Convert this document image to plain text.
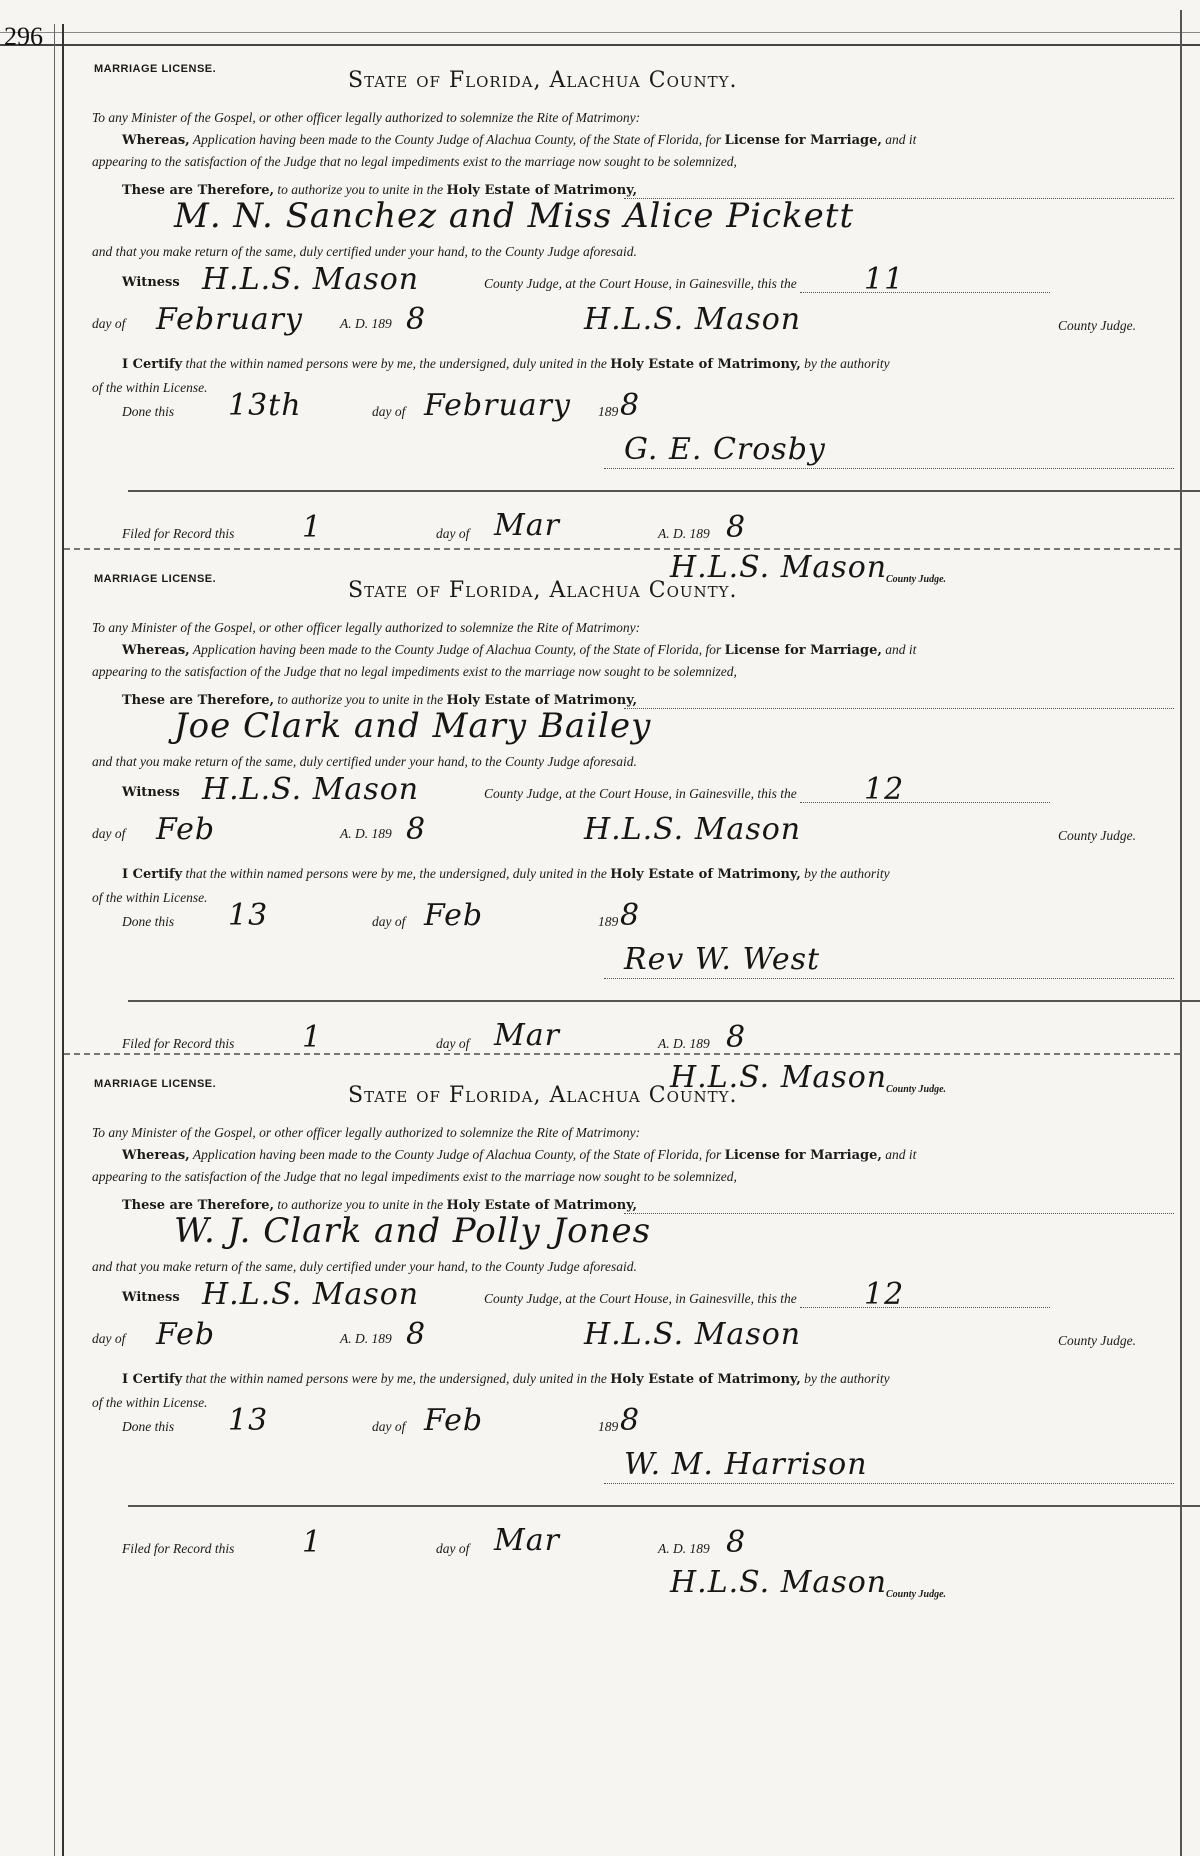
296
MARRIAGE LICENSE.	State of Florida, Alachua County.
To any Minister of the Gospel, or other officer legally authorized to solemnize the Rite of Matrimony:
Whereas, Application having been made to the County Judge of Alachua County, of the State of Florida, for License for Marriage, and it
appearing to the satisfaction of the Judge that no legal impediments exist to the marriage now sought to be solemnized,
These are Therefore, to authorize you to unite in the Holy Estate of Matrimony,
M. N. Sanchez and Miss Alice Pickett
and that you make return of the same, duly certified under your hand, to the County Judge aforesaid.
Witness H.L.S. Mason	County Judge, at the Court House, in Gainesville, this the 11
day of February	A. D. 189 8	H.L.S. Mason	County Judge.
I Certify that the within named persons were by me, the undersigned, duly united in the Holy Estate of Matrimony, by the authority
of the within License.
Done this 13th	day of February 189 8
G. E. Crosby
Filed for Record this 1	day of Mar	A. D. 189 8
H.L.S. Mason
County Judge.
MARRIAGE LICENSE.	State of Florida, Alachua County.
To any Minister of the Gospel, or other officer legally authorized to solemnize the Rite of Matrimony:
Whereas, Application having been made to the County Judge of Alachua County, of the State of Florida, for License for Marriage, and it
appearing to the satisfaction of the Judge that no legal impediments exist to the marriage now sought to be solemnized,
These are Therefore, to authorize you to unite in the Holy Estate of Matrimony,
Joe Clark and Mary Bailey
and that you make return of the same, duly certified under your hand, to the County Judge aforesaid.
Witness H.L.S. Mason	County Judge, at the Court House, in Gainesville, this the 12
day of Feb	A. D. 189 8	H.L.S. Mason	County Judge.
I Certify that the within named persons were by me, the undersigned, duly united in the Holy Estate of Matrimony, by the authority
of the within License.
Done this 13	day of Feb	189 8
Rev W. West
Filed for Record this 1	day of Mar	A. D. 189 8
H.L.S. Mason
County Judge.
MARRIAGE LICENSE.	State of Florida, Alachua County.
To any Minister of the Gospel, or other officer legally authorized to solemnize the Rite of Matrimony:
Whereas, Application having been made to the County Judge of Alachua County, of the State of Florida, for License for Marriage, and it
appearing to the satisfaction of the Judge that no legal impediments exist to the marriage now sought to be solemnized,
These are Therefore, to authorize you to unite in the Holy Estate of Matrimony,
W. J. Clark and Polly Jones
and that you make return of the same, duly certified under your hand, to the County Judge aforesaid.
Witness H.L.S. Mason	County Judge, at the Court House, in Gainesville, this the 12
day of Feb	A. D. 189 8	H.L.S. Mason	County Judge.
I Certify that the within named persons were by me, the undersigned, duly united in the Holy Estate of Matrimony, by the authority
of the within License.
Done this 13	day of Feb	189 8
W. M. Harrison
Filed for Record this 1	day of Mar	A. D. 189 8
H.L.S. Mason
County Judge.
